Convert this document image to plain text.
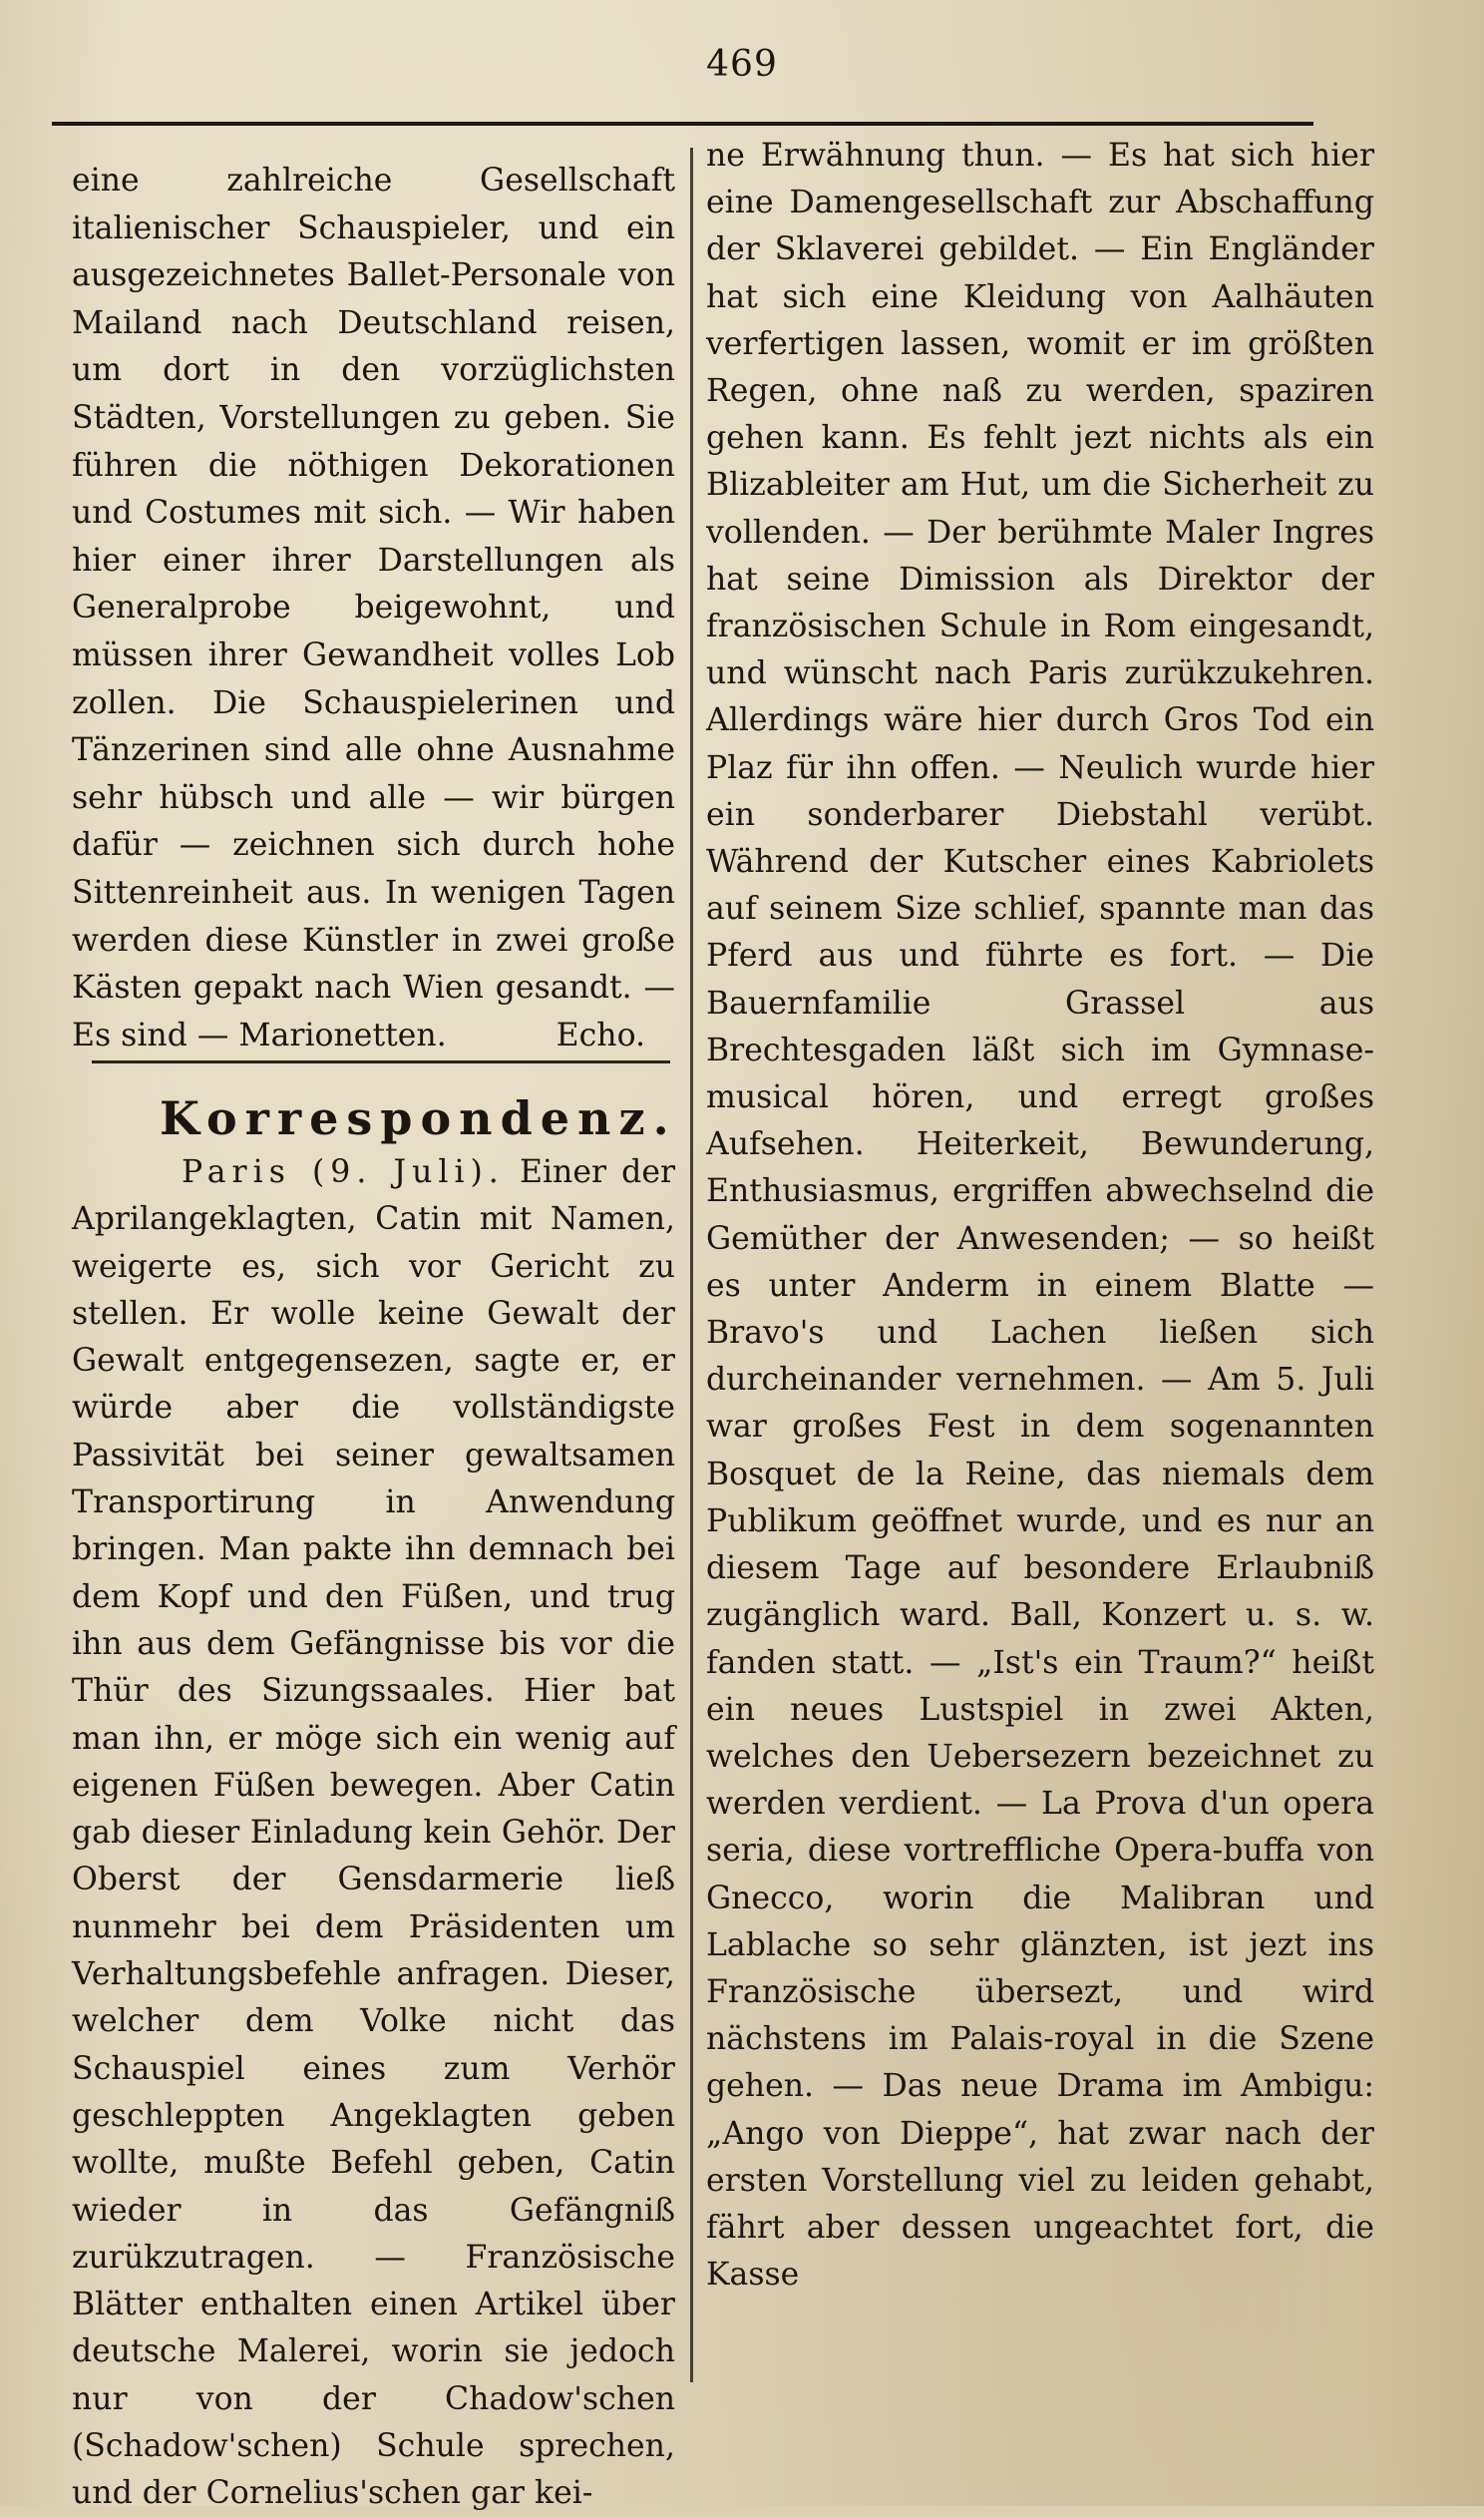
469

eine zahlreiche Gesellschaft italienischer Schauspieler, und ein ausgezeichnetes Ballet-Personale von Mailand nach Deutschland reisen, um dort in den vorzüglichsten Städten, Vorstellungen zu geben. Sie führen die nöthigen Dekorationen und Costumes mit sich. — Wir haben hier einer ihrer Darstellungen als Generalprobe beigewohnt, und müssen ihrer Gewandheit volles Lob zollen. Die Schauspielerinen und Tänzerinen sind alle ohne Ausnahme sehr hübsch und alle — wir bürgen dafür — zeichnen sich durch hohe Sittenreinheit aus. In wenigen Tagen werden diese Künstler in zwei große Kästen gepakt nach Wien gesandt. — Es sind — Marionetten.	Echo.

Korrespondenz.

Paris (9. Juli). Einer der Aprilangeklagten, Catin mit Namen, weigerte es, sich vor Gericht zu stellen. Er wolle keine Gewalt der Gewalt entgegensezen, sagte er, er würde aber die vollständigste Passivität bei seiner gewaltsamen Transportirung in Anwendung bringen. Man pakte ihn demnach bei dem Kopf und den Füßen, und trug ihn aus dem Gefängnisse bis vor die Thür des Sizungssaales. Hier bat man ihn, er möge sich ein wenig auf eigenen Füßen bewegen. Aber Catin gab dieser Einladung kein Gehör. Der Oberst der Gensdarmerie ließ nunmehr bei dem Präsidenten um Verhaltungsbefehle anfragen. Dieser, welcher dem Volke nicht das Schauspiel eines zum Verhör geschleppten Angeklagten geben wollte, mußte Befehl geben, Catin wieder in das Gefängniß zurükzutragen. — Französische Blätter enthalten einen Artikel über deutsche Malerei, worin sie jedoch nur von der Chadow'schen (Schadow'schen) Schule sprechen, und der Cornelius'schen gar kei-

ne Erwähnung thun. — Es hat sich hier eine Damengesellschaft zur Abschaffung der Sklaverei gebildet. — Ein Engländer hat sich eine Kleidung von Aalhäuten verfertigen lassen, womit er im größten Regen, ohne naß zu werden, spaziren gehen kann. Es fehlt jezt nichts als ein Blizableiter am Hut, um die Sicherheit zu vollenden. — Der berühmte Maler Ingres hat seine Dimission als Direktor der französischen Schule in Rom eingesandt, und wünscht nach Paris zurükzukehren. Allerdings wäre hier durch Gros Tod ein Plaz für ihn offen. — Neulich wurde hier ein sonderbarer Diebstahl verübt. Während der Kutscher eines Kabriolets auf seinem Size schlief, spannte man das Pferd aus und führte es fort. — Die Bauernfamilie Grassel aus Brechtesgaden läßt sich im Gymnase-musical hören, und erregt großes Aufsehen. Heiterkeit, Bewunderung, Enthusiasmus, ergriffen abwechselnd die Gemüther der Anwesenden; — so heißt es unter Anderm in einem Blatte — Bravo's und Lachen ließen sich durcheinander vernehmen. — Am 5. Juli war großes Fest in dem sogenannten Bosquet de la Reine, das niemals dem Publikum geöffnet wurde, und es nur an diesem Tage auf besondere Erlaubniß zugänglich ward. Ball, Konzert u. s. w. fanden statt. — „Ist's ein Traum?“ heißt ein neues Lustspiel in zwei Akten, welches den Uebersezern bezeichnet zu werden verdient. — La Prova d'un opera seria, diese vortreffliche Opera-buffa von Gnecco, worin die Malibran und Lablache so sehr glänzten, ist jezt ins Französische übersezt, und wird nächstens im Palais-royal in die Szene gehen. — Das neue Drama im Ambigu: „Ango von Dieppe“, hat zwar nach der ersten Vorstellung viel zu leiden gehabt, fährt aber dessen ungeachtet fort, die Kasse
